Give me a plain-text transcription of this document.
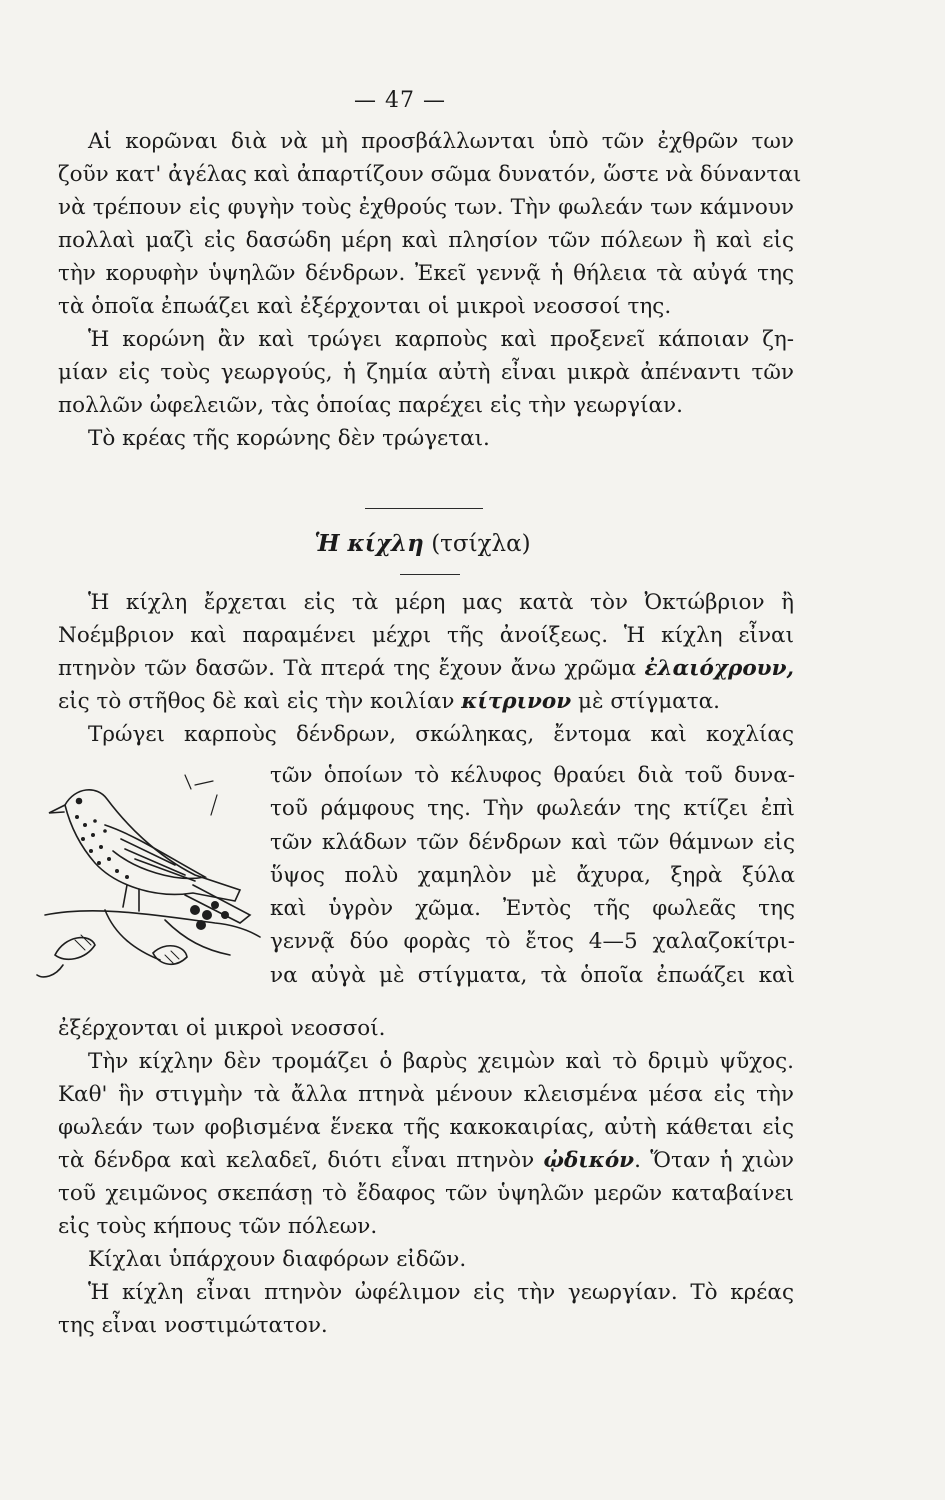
— 47 —
Αἱ κορῶναι διὰ νὰ μὴ προσβάλλωνται ὑπὸ τῶν ἐχθρῶν των
ζοῦν κατ' ἀγέλας καὶ ἀπαρτίζουν σῶμα δυνατόν, ὥστε νὰ δύνανται
νὰ τρέπουν εἰς φυγὴν τοὺς ἐχθρούς των. Τὴν φωλεάν των κάμνουν
πολλαὶ μαζὶ εἰς δασώδη μέρη καὶ πλησίον τῶν πόλεων ἢ καὶ εἰς
τὴν κορυφὴν ὑψηλῶν δένδρων. Ἐκεῖ γεννᾷ ἡ θήλεια τὰ αὐγά της
τὰ ὁποῖα ἐπωάζει καὶ ἐξέρχονται οἱ μικροὶ νεοσσοί της.
Ἡ κορώνη ἂν καὶ τρώγει καρποὺς καὶ προξενεῖ κάποιαν ζη-
μίαν εἰς τοὺς γεωργούς, ἡ ζημία αὐτὴ εἶναι μικρὰ ἀπέναντι τῶν
πολλῶν ὠφελειῶν, τὰς ὁποίας παρέχει εἰς τὴν γεωργίαν.
Τὸ κρέας τῆς κορώνης δὲν τρώγεται.
Ἡ κίχλη (τσίχλα)
Ἡ κίχλη ἔρχεται εἰς τὰ μέρη μας κατὰ τὸν Ὀκτώβριον ἢ
Νοέμβριον καὶ παραμένει μέχρι τῆς ἀνοίξεως. Ἡ κίχλη εἶναι
πτηνὸν τῶν δασῶν. Τὰ πτερά της ἔχουν ἄνω χρῶμα ἐλαιόχρουν,
εἰς τὸ στῆθος δὲ καὶ εἰς τὴν κοιλίαν κίτρινον μὲ στίγματα.
Τρώγει καρποὺς δένδρων, σκώληκας, ἔντομα καὶ κοχλίας
τῶν ὁποίων τὸ κέλυφος θραύει διὰ τοῦ δυνα-
τοῦ ράμφους της. Τὴν φωλεάν της κτίζει ἐπὶ
τῶν κλάδων τῶν δένδρων καὶ τῶν θάμνων εἰς
ὕψος πολὺ χαμηλὸν μὲ ἄχυρα, ξηρὰ ξύλα
καὶ ὑγρὸν χῶμα. Ἐντὸς τῆς φωλεᾶς της
γεννᾷ δύο φορὰς τὸ ἔτος 4—5 χαλαζοκίτρι-
να αὐγὰ μὲ στίγματα, τὰ ὁποῖα ἐπωάζει καὶ
ἐξέρχονται οἱ μικροὶ νεοσσοί.
Τὴν κίχλην δὲν τρομάζει ὁ βαρὺς χειμὼν καὶ τὸ δριμὺ ψῦχος.
Καθ' ἣν στιγμὴν τὰ ἄλλα πτηνὰ μένουν κλεισμένα μέσα εἰς τὴν
φωλεάν των φοβισμένα ἕνεκα τῆς κακοκαιρίας, αὐτὴ κάθεται εἰς
τὰ δένδρα καὶ κελαδεῖ, διότι εἶναι πτηνὸν ᾠδικόν. Ὅταν ἡ χιὼν
τοῦ χειμῶνος σκεπάσῃ τὸ ἔδαφος τῶν ὑψηλῶν μερῶν καταβαίνει
εἰς τοὺς κήπους τῶν πόλεων.
Κίχλαι ὑπάρχουν διαφόρων εἰδῶν.
Ἡ κίχλη εἶναι πτηνὸν ὠφέλιμον εἰς τὴν γεωργίαν. Τὸ κρέας
της εἶναι νοστιμώτατον.
